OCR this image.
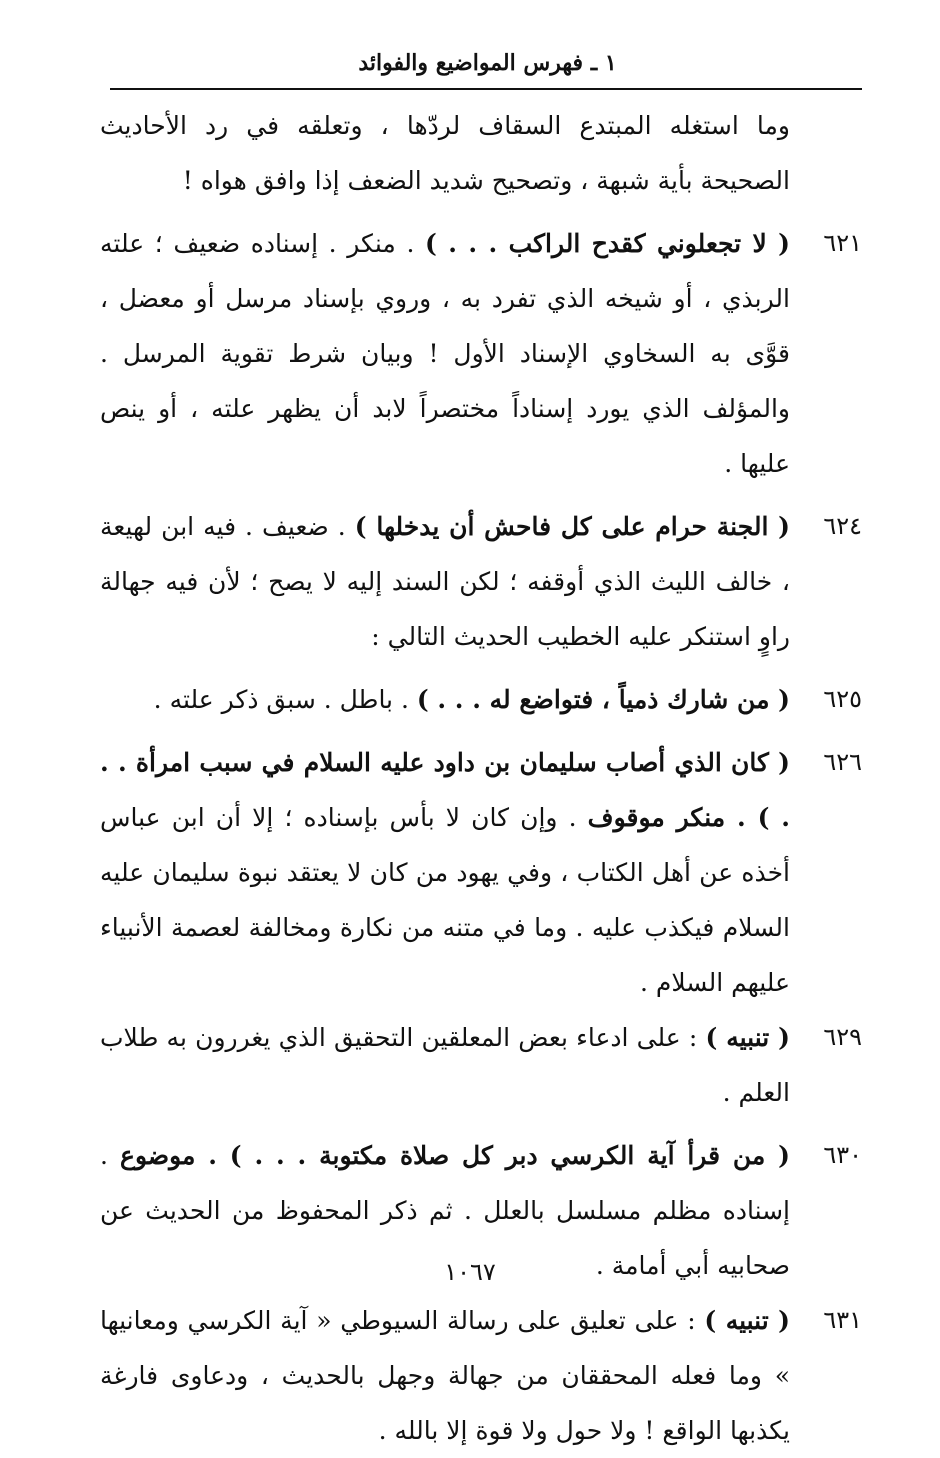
١ ـ فهرس المواضيع والفوائد

وما استغله المبتدع السقاف لردّها ، وتعلقه في رد الأحاديث الصحيحة بأية شبهة ، وتصحيح شديد الضعف إذا وافق هواه !

٦٢١
( لا تجعلوني كقدح الراكب . . . ) . منكر . إسناده ضعيف ؛ علته الربذي ، أو شيخه الذي تفرد به ، وروي بإسناد مرسل أو معضل ، قوَّى به السخاوي الإسناد الأول ! وبيان شرط تقوية المرسل . والمؤلف الذي يورد إسناداً مختصراً لابد أن يظهر علته ، أو ينص عليها .

٦٢٤
( الجنة حرام على كل فاحش أن يدخلها ) . ضعيف . فيه ابن لهيعة ، خالف الليث الذي أوقفه ؛ لكن السند إليه لا يصح ؛ لأن فيه جهالة راوٍ استنكر عليه الخطيب الحديث التالي :

٦٢٥
( من شارك ذمياً ، فتواضع له . . . ) . باطل . سبق ذكر علته .

٦٢٦
( كان الذي أصاب سليمان بن داود عليه السلام في سبب امرأة . . . ) . منكر موقوف . وإن كان لا بأس بإسناده ؛ إلا أن ابن عباس أخذه عن أهل الكتاب ، وفي يهود من كان لا يعتقد نبوة سليمان عليه السلام فيكذب عليه . وما في متنه من نكارة ومخالفة لعصمة الأنبياء عليهم السلام .

٦٢٩
( تنبيه ) : على ادعاء بعض المعلقين التحقيق الذي يغررون به طلاب العلم .

٦٣٠
( من قرأ آية الكرسي دبر كل صلاة مكتوبة . . . ) . موضوع . إسناده مظلم مسلسل بالعلل . ثم ذكر المحفوظ من الحديث عن صحابيه أبي أمامة .

٦٣١
( تنبيه ) : على تعليق على رسالة السيوطي « آية الكرسي ومعانيها » وما فعله المحققان من جهالة وجهل بالحديث ، ودعاوى فارغة يكذبها الواقع ! ولا حول ولا قوة إلا بالله .

١٠٦٧
